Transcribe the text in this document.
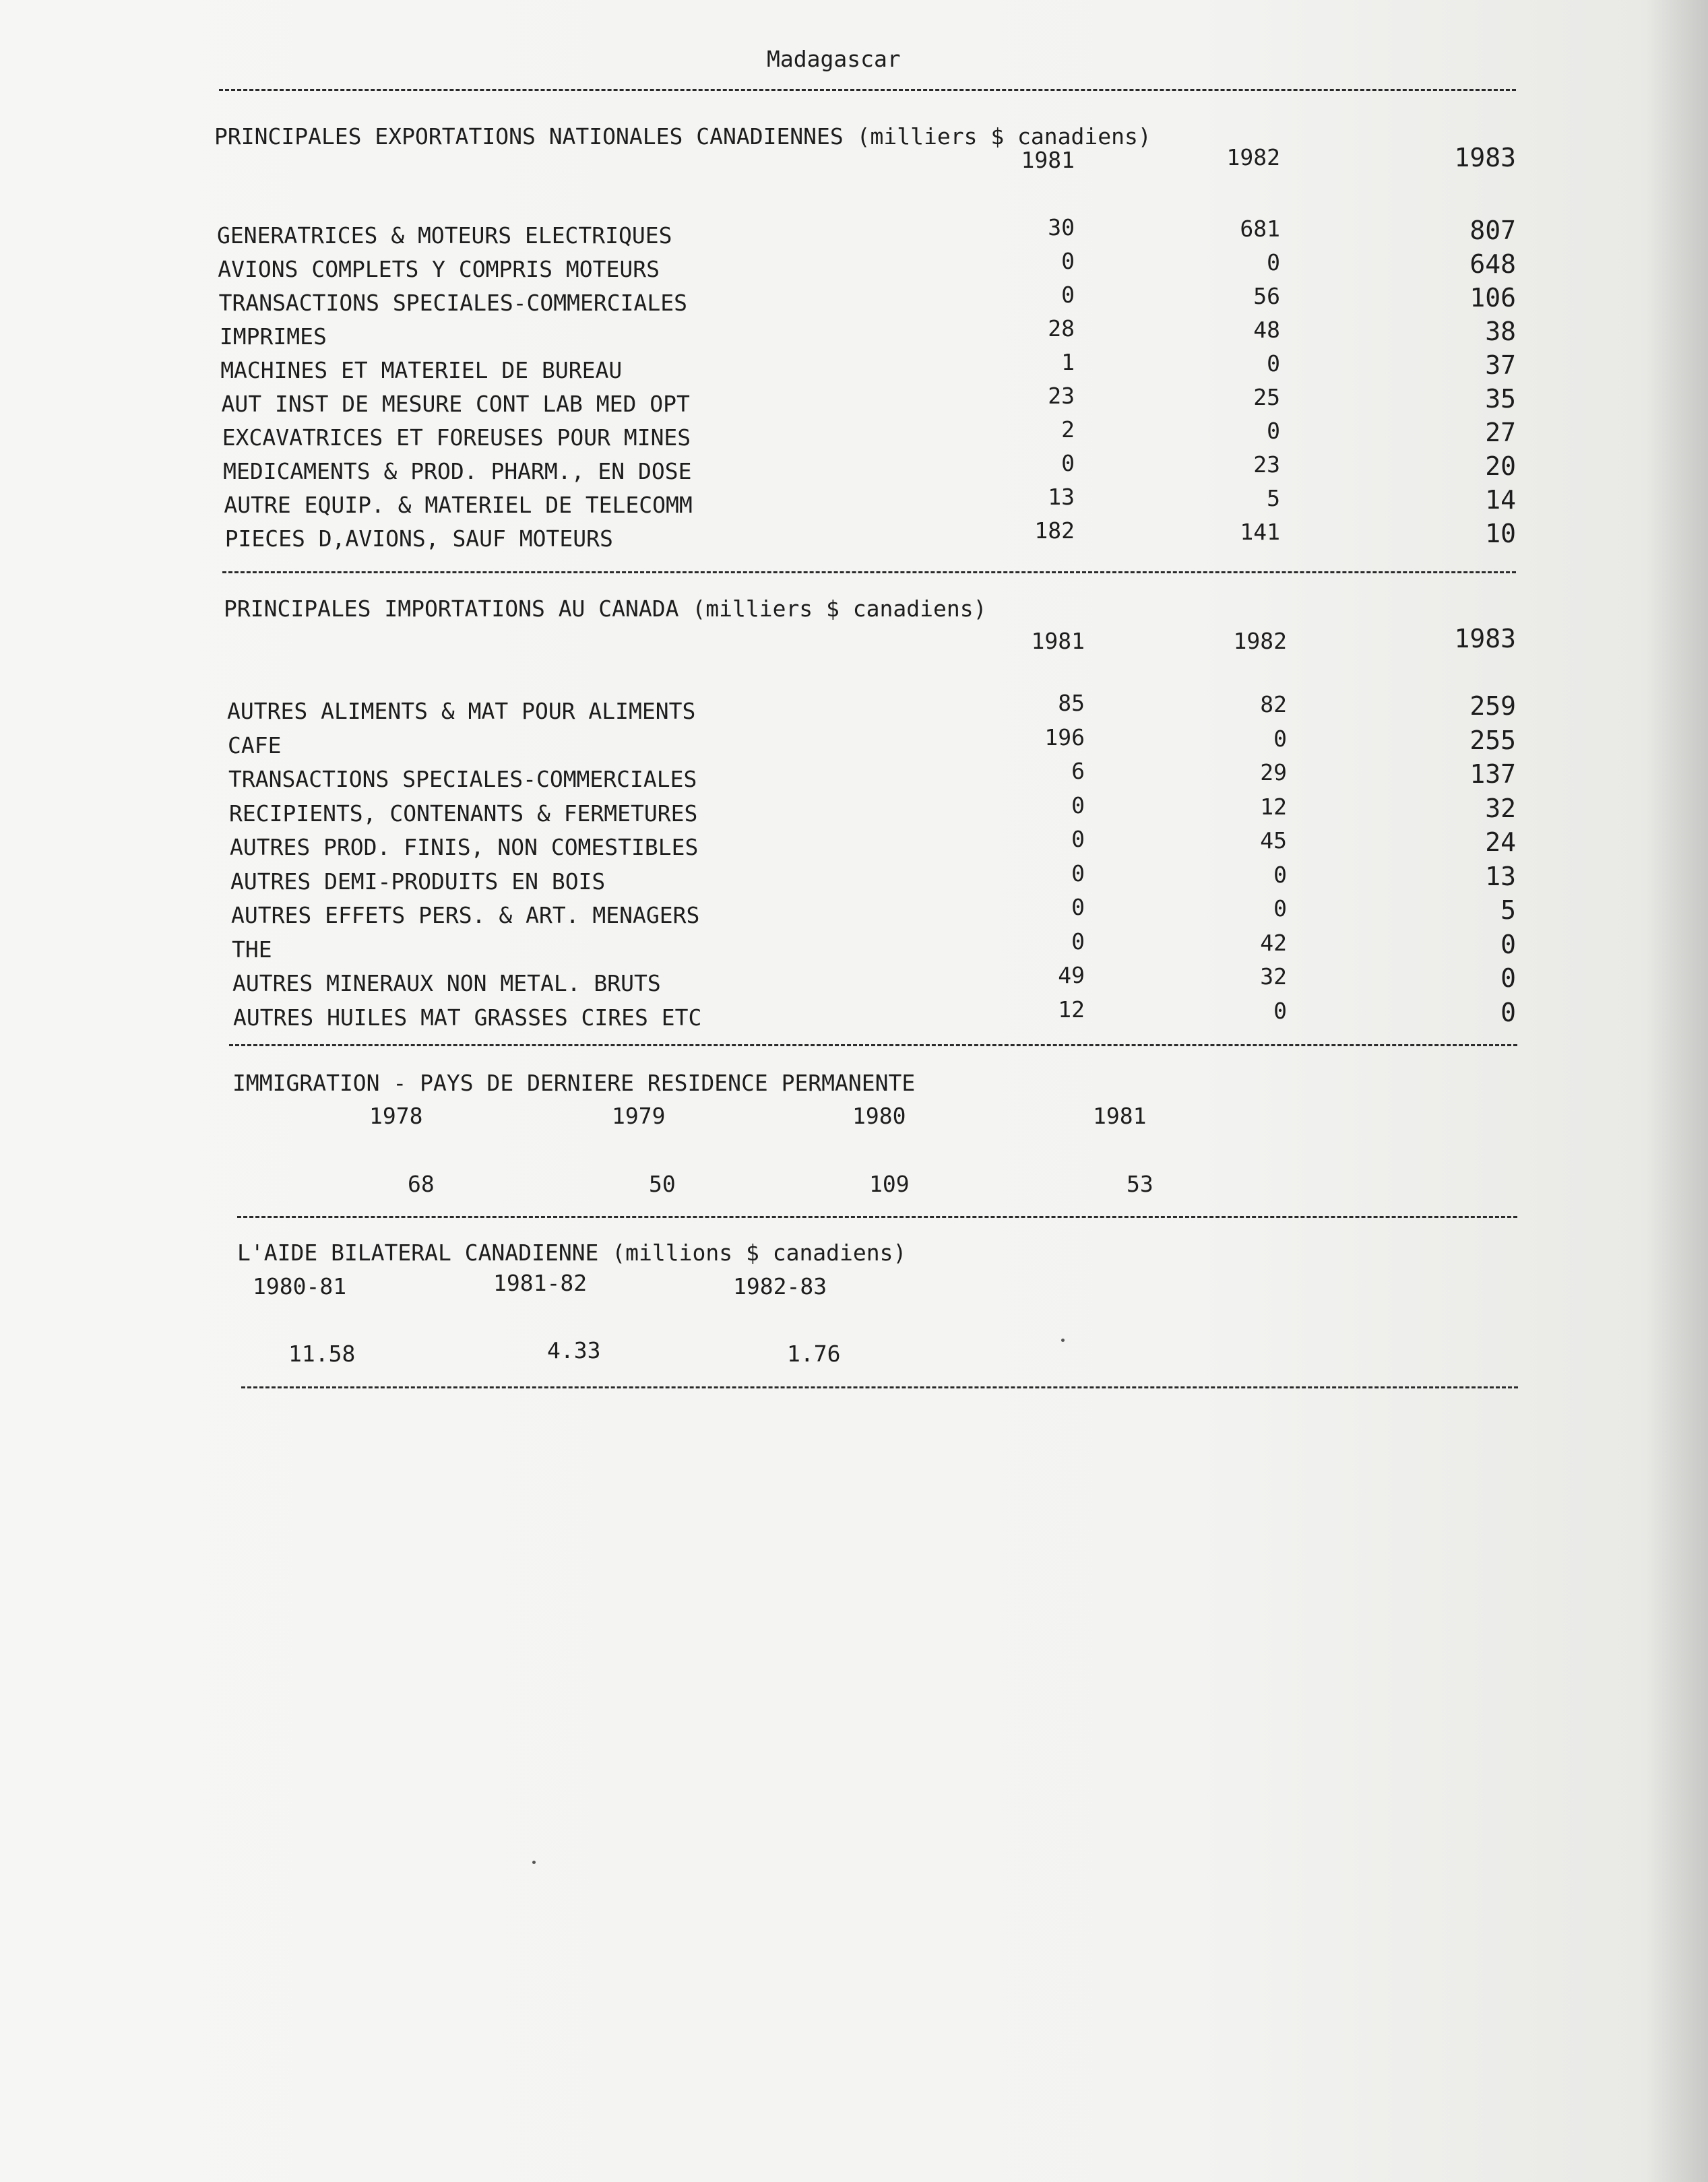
Madagascar
PRINCIPALES EXPORTATIONS NATIONALES CANADIENNES (milliers $ canadiens)
1981	1982	1983
GENERATRICES & MOTEURS ELECTRIQUES	30	681	807
AVIONS COMPLETS Y COMPRIS MOTEURS	0	0	648
TRANSACTIONS SPECIALES-COMMERCIALES	0	56	106
IMPRIMES	28	48	38
MACHINES ET MATERIEL DE BUREAU	1	0	37
AUT INST DE MESURE CONT LAB MED OPT	23	25	35
EXCAVATRICES ET FOREUSES POUR MINES	2	0	27
MEDICAMENTS & PROD. PHARM., EN DOSE	0	23	20
AUTRE EQUIP. & MATERIEL DE TELECOMM	13	5	14
PIECES D,AVIONS, SAUF MOTEURS	182	141	10
PRINCIPALES IMPORTATIONS AU CANADA (milliers $ canadiens)
1981	1982	1983
AUTRES ALIMENTS & MAT POUR ALIMENTS	85	82	259
CAFE	196	0	255
TRANSACTIONS SPECIALES-COMMERCIALES	6	29	137
RECIPIENTS, CONTENANTS & FERMETURES	0	12	32
AUTRES PROD. FINIS, NON COMESTIBLES	0	45	24
AUTRES DEMI-PRODUITS EN BOIS	0	0	13
AUTRES EFFETS PERS. & ART. MENAGERS	0	0	5
THE	0	42	0
AUTRES MINERAUX NON METAL. BRUTS	49	32	0
AUTRES HUILES MAT GRASSES CIRES ETC	12	0	0
IMMIGRATION - PAYS DE DERNIERE RESIDENCE PERMANENTE
1978	1979	1980	1981
68	50	109	53
L'AIDE BILATERAL CANADIENNE (millions $ canadiens)
1980-81	1981-82	1982-83
11.58	4.33	1.76
